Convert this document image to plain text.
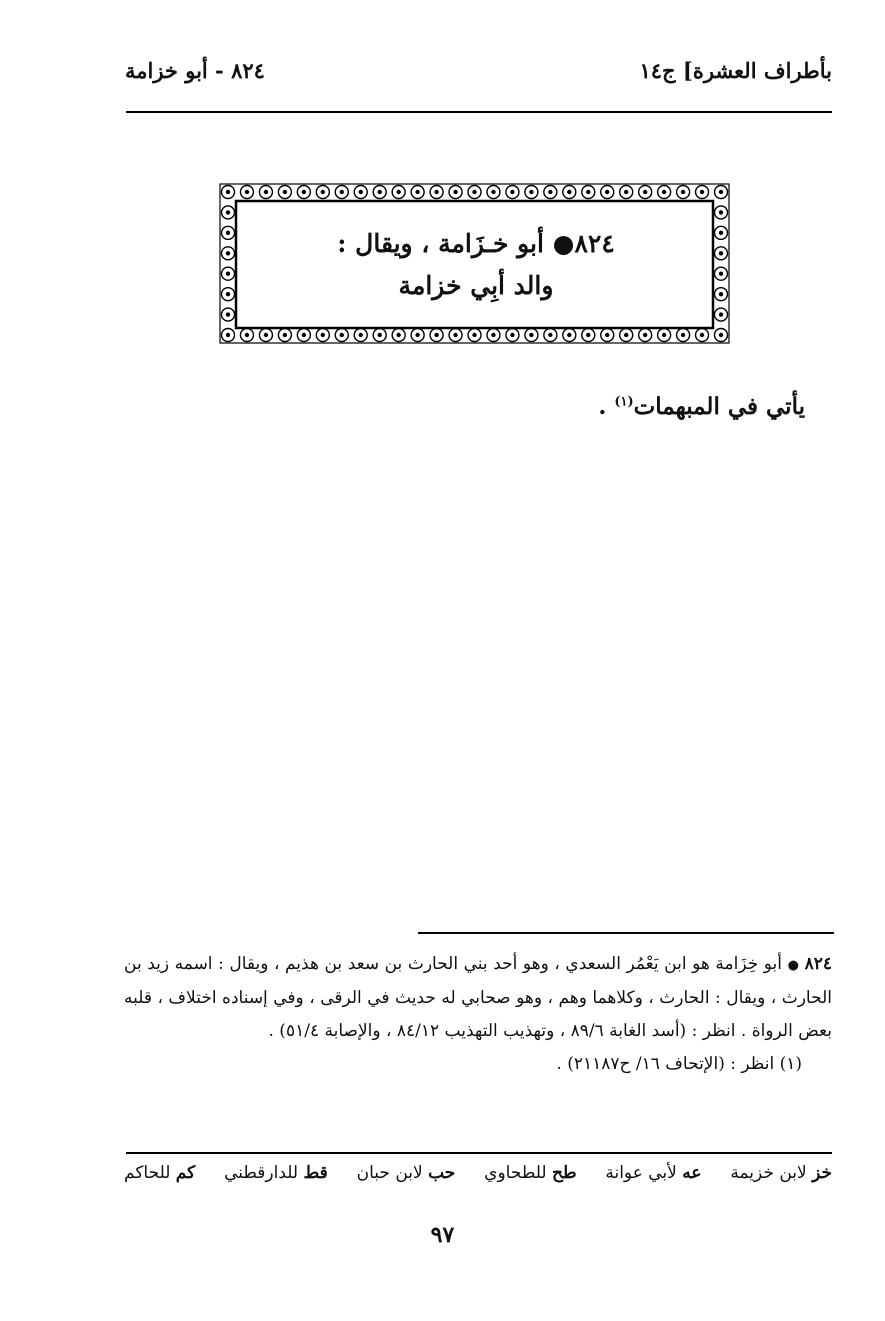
بأطراف العشرة] ج١٤
٨٢٤ - أبو خزامة
٨٢٤● أبو خـزَامة ، ويقال :
والد أبِي خزامة
يأتي في المبهمات$^{(١)}$ .

٨٢٤ ● أبو خِزَامة هو ابن يَعْمُر السعدي ، وهو أحد بني الحارث بن سعد بن هذيم ، ويقال : اسمه زيد بن الحارث ، ويقال : الحارث ، وكلاهما وهم ، وهو صحابي له حديث في الرقى ، وفي إسناده اختلاف ، قلبه بعض الرواة . انظر : (أسد الغابة ٨٩/٦ ، وتهذيب التهذيب ٨٤/١٢ ، والإصابة ٥١/٤) .

(١) انظر : (الإتحاف ١٦/ ح٢١١٨٧) .

خز لابن خزيمة
عه لأبي عوانة
طح للطحاوي
حب لابن حبان
قط للدارقطني
كم للحاكم
٩٧
